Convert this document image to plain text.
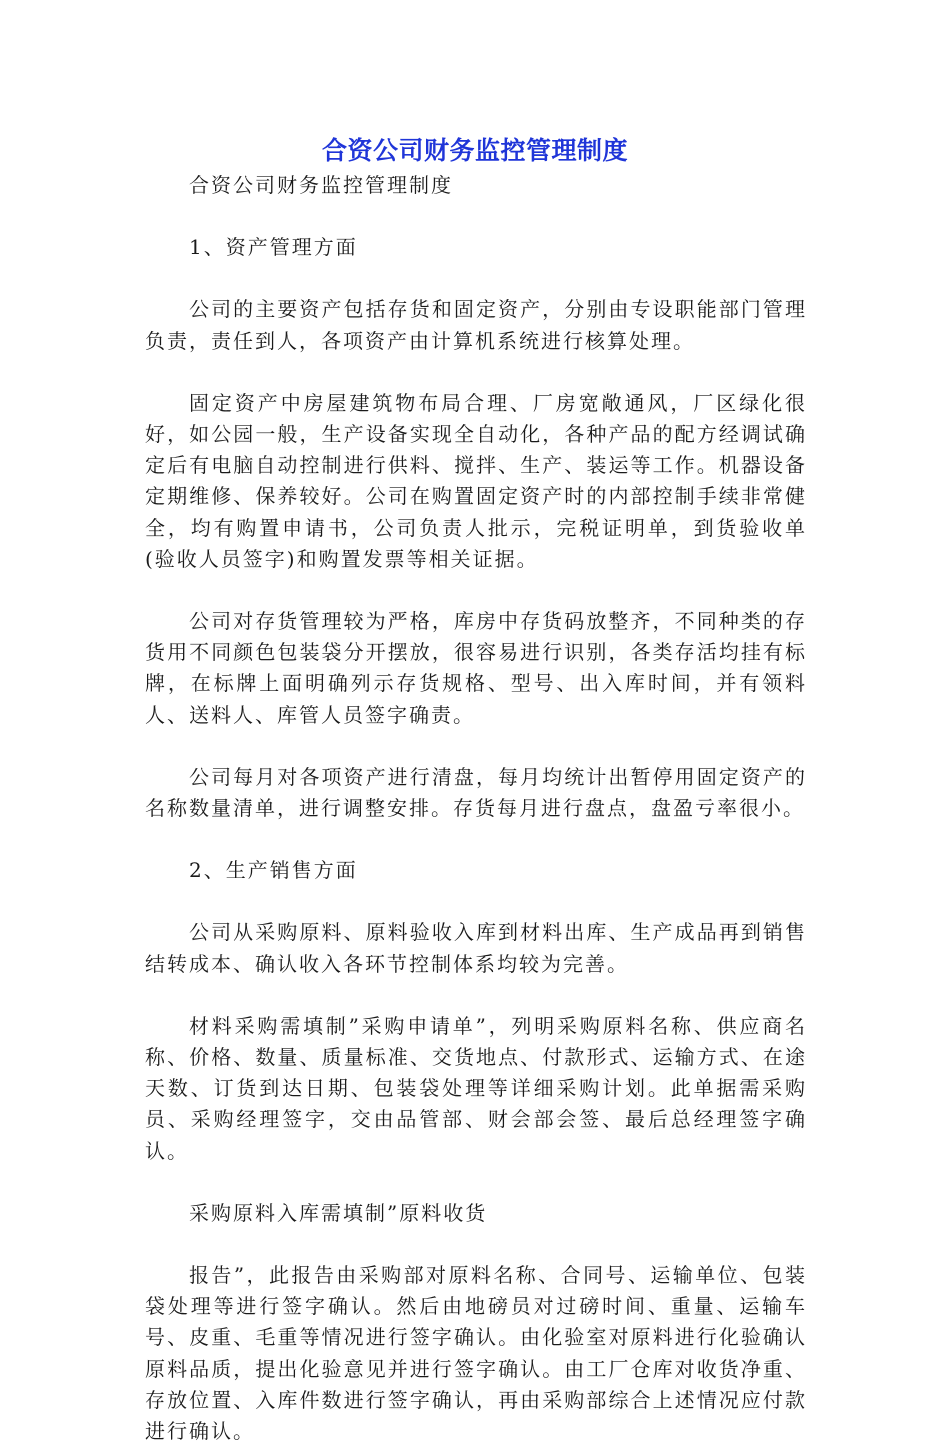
合资公司财务监控管理制度

合资公司财务监控管理制度

1、资产管理方面

公司的主要资产包括存货和固定资产，分别由专设职能部门管理负责，责任到人，各项资产由计算机系统进行核算处理。

固定资产中房屋建筑物布局合理、厂房宽敞通风，厂区绿化很好，如公园一般，生产设备实现全自动化，各种产品的配方经调试确定后有电脑自动控制进行供料、搅拌、生产、装运等工作。机器设备定期维修、保养较好。公司在购置固定资产时的内部控制手续非常健全，均有购置申请书，公司负责人批示，完税证明单，到货验收单(验收人员签字)和购置发票等相关证据。

公司对存货管理较为严格，库房中存货码放整齐，不同种类的存货用不同颜色包装袋分开摆放，很容易进行识别，各类存活均挂有标牌，在标牌上面明确列示存货规格、型号、出入库时间，并有领料人、送料人、库管人员签字确责。

公司每月对各项资产进行清盘，每月均统计出暂停用固定资产的名称数量清单，进行调整安排。存货每月进行盘点，盘盈亏率很小。

2、生产销售方面

公司从采购原料、原料验收入库到材料出库、生产成品再到销售结转成本、确认收入各环节控制体系均较为完善。

材料采购需填制”采购申请单”，列明采购原料名称、供应商名称、价格、数量、质量标准、交货地点、付款形式、运输方式、在途天数、订货到达日期、包装袋处理等详细采购计划。此单据需采购员、采购经理签字，交由品管部、财会部会签、最后总经理签字确认。

采购原料入库需填制”原料收货

报告”，此报告由采购部对原料名称、合同号、运输单位、包装袋处理等进行签字确认。然后由地磅员对过磅时间、重量、运输车号、皮重、毛重等情况进行签字确认。由化验室对原料进行化验确认原料品质，提出化验意见并进行签字确认。由工厂仓库对收货净重、存放位置、入库件数进行签字确认，再由采购部综合上述情况应付款进行确认。
